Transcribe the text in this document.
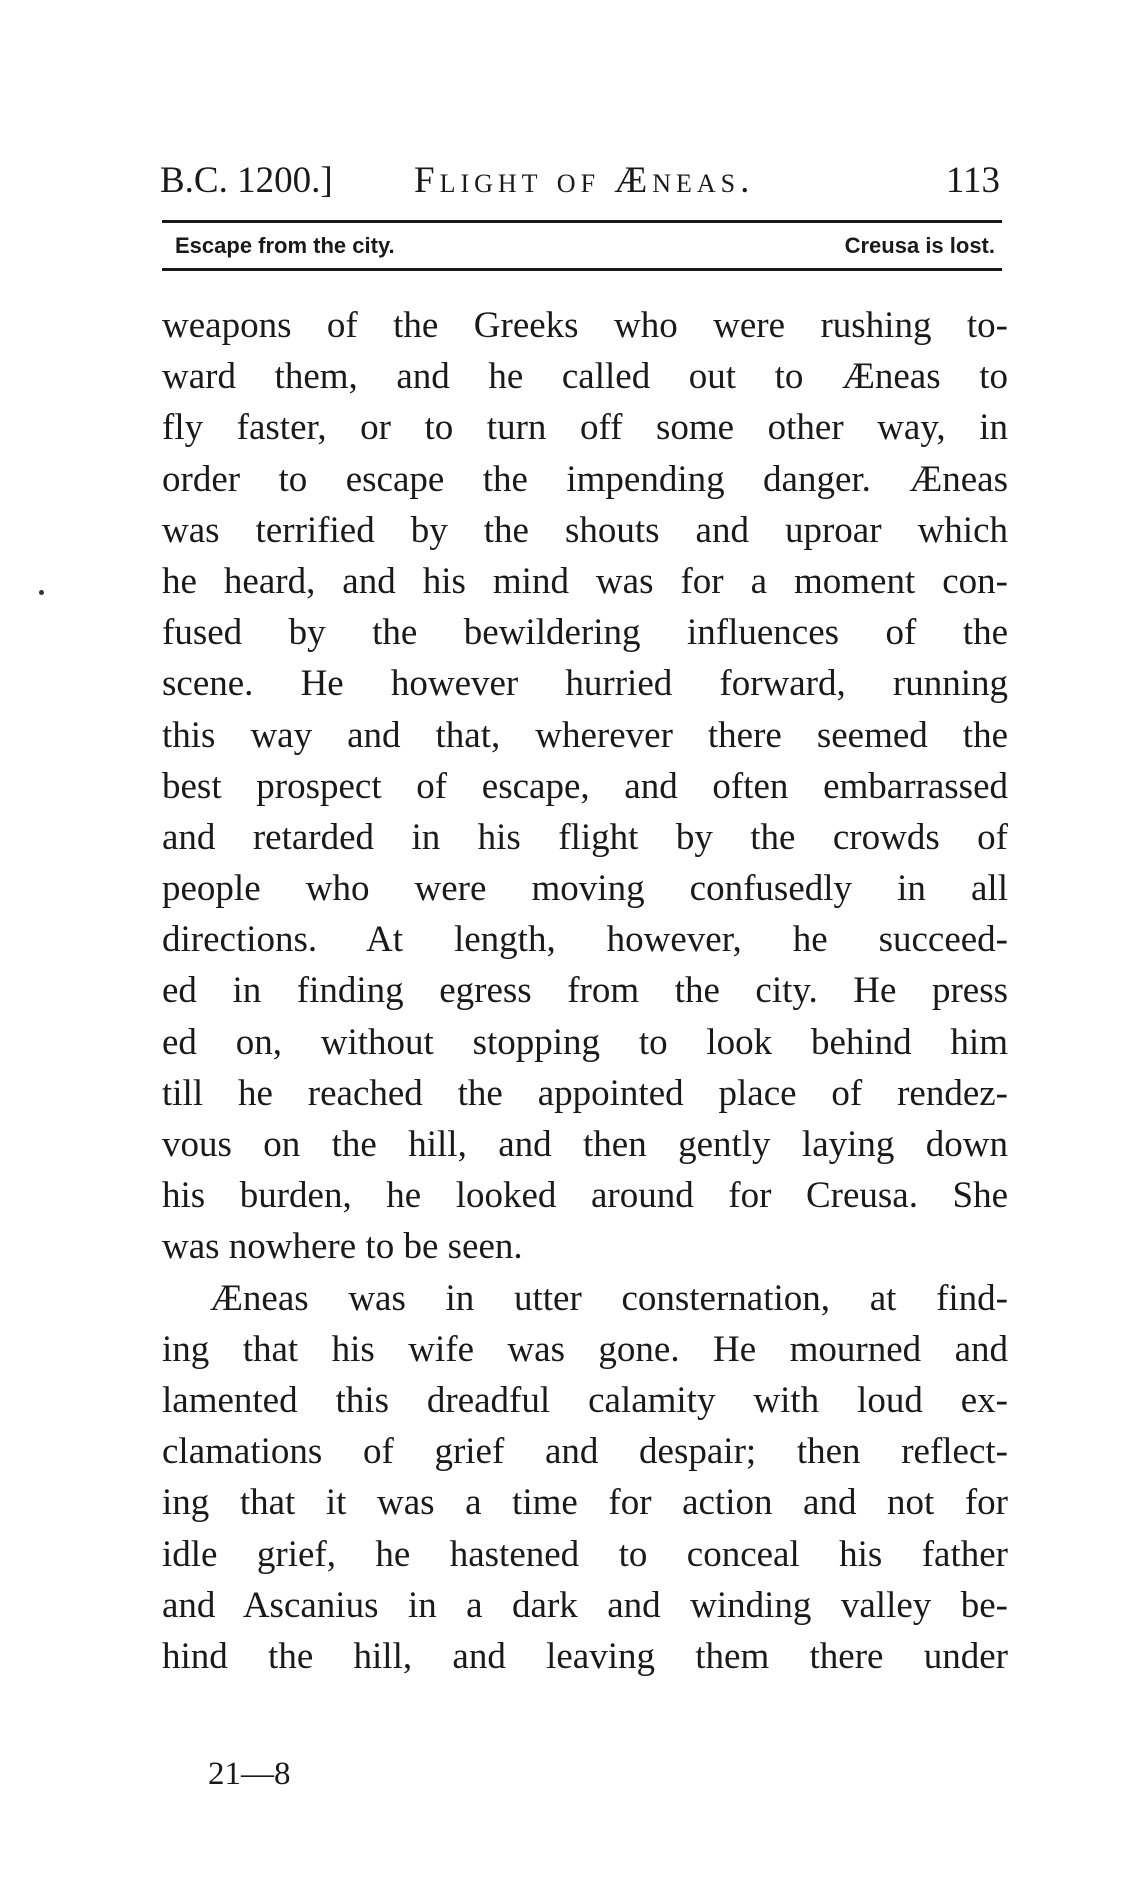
B.C. 1200.] Flight of Æneas.	113
Escape from the city.	Creusa is lost.
weapons of the Greeks who were rushing to-
ward them, and he called out to Æneas to
fly faster, or to turn off some other way, in
order to escape the impending danger. Æneas
was terrified by the shouts and uproar which
he heard, and his mind was for a moment con-
fused by the bewildering influences of the
scene. He however hurried forward, running
this way and that, wherever there seemed the
best prospect of escape, and often embarrassed
and retarded in his flight by the crowds of
people who were moving confusedly in all
directions. At length, however, he succeed-
ed in finding egress from the city. He press
ed on, without stopping to look behind him
till he reached the appointed place of rendez-
vous on the hill, and then gently laying down
his burden, he looked around for Creusa. She
was nowhere to be seen.
Æneas was in utter consternation, at find-
ing that his wife was gone. He mourned and
lamented this dreadful calamity with loud ex-
clamations of grief and despair; then reflect-
ing that it was a time for action and not for
idle grief, he hastened to conceal his father
and Ascanius in a dark and winding valley be-
hind the hill, and leaving them there under
21—8
